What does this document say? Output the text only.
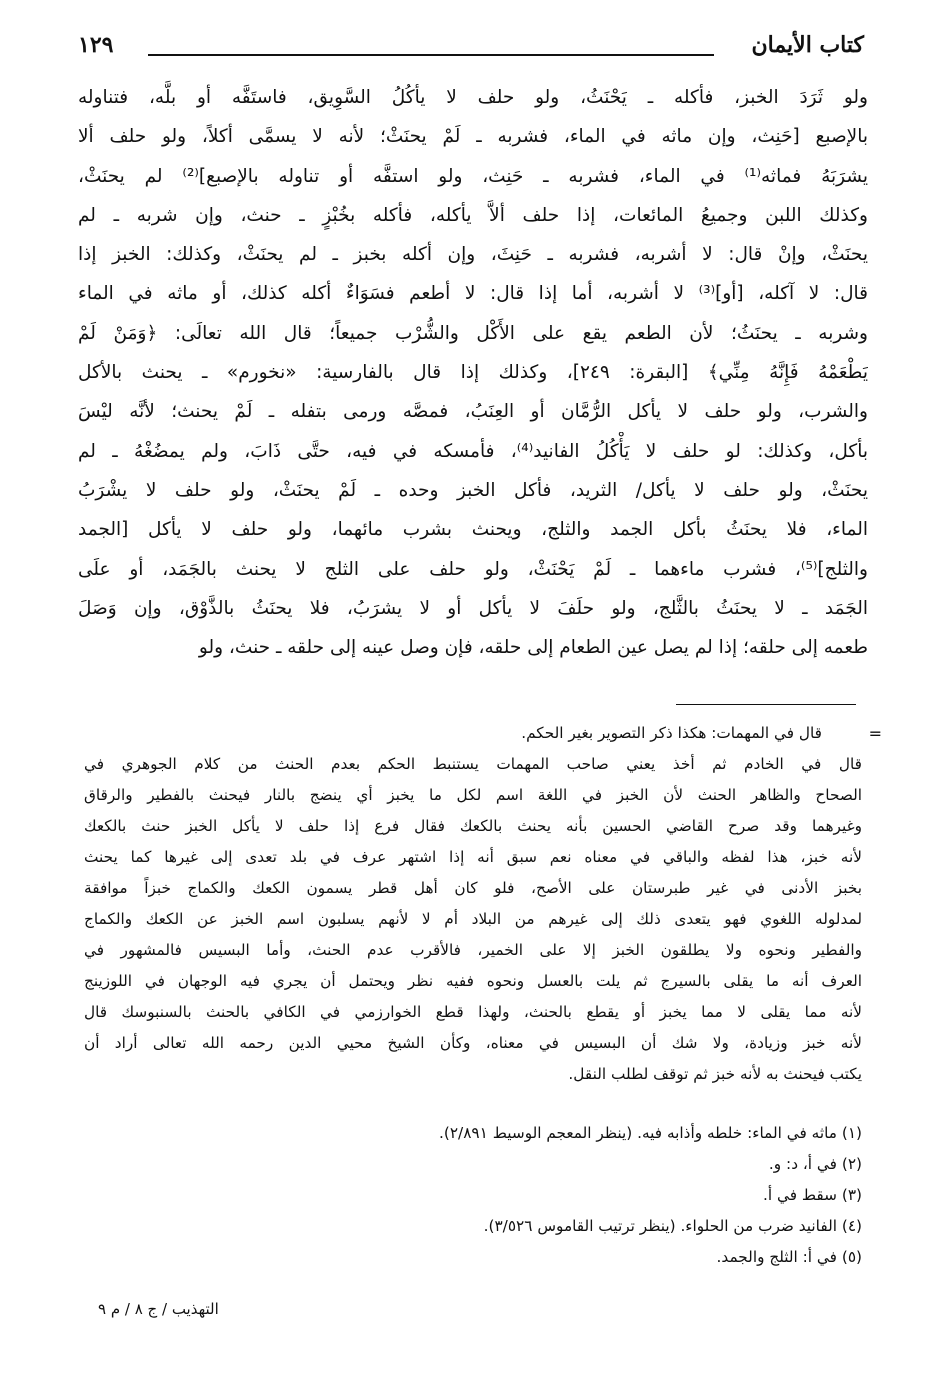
كتاب الأيمان
١٢٩
ولو ثَرَدَ الخبز، فأكله ـ يَحْنَثُ، ولو حلف لا يأكُلُ السَّوِيق، فاستَفَّه أو بلَّه، فتناوله
بالإصبع [حَنِث، وإن ماثه في الماء، فشربه ـ لَمْ يحنَثْ؛ لأنه لا يسمَّى أكلاً، ولو حلف ألا
يشرَبَهُ فماثه⁽¹⁾ في الماء، فشربه ـ حَنِث، ولو استفَّه أو تناوله بالإصبع]⁽²⁾ لم يحنَثْ،
وكذلك اللبن وجميعُ المائعات، إذا حلف ألاَّ يأكله، فأكله بخُبْزٍ ـ حنث، وإن شربه ـ لم
يحنَثْ، وإنْ قال: لا أشربه، فشربه ـ حَنِثَ، وإن أكله بخبز ـ لم يحنَثْ، وكذلك: الخبز إذا
قال: لا آكله، [أو]⁽³⁾ لا أشربه، أما إذا قال: لا أطعم فسَوَاءٌ أكله كذلك، أو ماثه في الماء
وشربه ـ يحنَثُ؛ لأن الطعم يقع على الأَكْل والشُّرْب جميعاً؛ قال الله تعالَى: ﴿وَمَنْ لَمْ
يَطْعَمْهُ فَإِنَّهُ مِنِّي﴾ [البقرة: ٢٤٩]، وكذلك إذا قال بالفارسية: «نخورم» ـ يحنث بالأكل
والشرب، ولو حلف لا يأكل الرُّمَّان أو العِنَبُ، فمصَّه ورمى بتفله ـ لَمْ يحنث؛ لأنَّه ليْسَ
بأكل، وكذلك: لو حلف لا يَأْكُلُ الفانيد⁽⁴⁾، فأمسكه في فيه، حتَّى ذَابَ، ولم يمضُغْهُ ـ لم
يحنَثْ، ولو حلف لا يأكل/ الثريد، فأكل الخبز وحده ـ لَمْ يحنَثْ، ولو حلف لا يشْرَبُ
الماء، فلا يحنَثُ بأكل الجمد والثلج، ويحنث بشرب مائهما، ولو حلف لا يأكل [الجمد
والثلج]⁽⁵⁾، فشرب ماءهما ـ لَمْ يَحْنَثْ، ولو حلف على الثلج لا يحنث بالجَمَد، أو علَى
الجَمَد ـ لا يحنَثُ بالثَّلج، ولو حلَفَ لا يأكل أو لا يشرَبُ، فلا يحنَثُ بالذَّوْق، وإن وَصَلَ
طعمه إلى حلقه؛ إذا لم يصل عين الطعام إلى حلقه، فإن وصل عينه إلى حلقه ـ حنث، ولو
=
قال في المهمات: هكذا ذكر التصوير بغير الحكم.
قال في الخادم ثم أخذ يعني صاحب المهمات يستنبط الحكم بعدم الحنث من كلام الجوهري في
الصحاح والظاهر الحنث لأن الخبز في اللغة اسم لكل ما يخبز أي ينضج بالنار فيحنث بالفطير والرقاق
وغيرهما وقد صرح القاضي الحسين بأنه يحنث بالكعك فقال فرع إذا حلف لا يأكل الخبز حنث بالكعك
لأنه خبز، هذا لفظه والباقي في معناه نعم سبق أنه إذا اشتهر عرف في بلد تعدى إلى غيرها كما يحنث
بخبز الأدنى في غير طبرستان على الأصح، فلو كان أهل قطر يسمون الكعك والكماج خبزاً موافقة
لمدلوله اللغوي فهو يتعدى ذلك إلى غيرهم من البلاد أم لا لأنهم يسلبون اسم الخبز عن الكعك والكماج
والفطير ونحوه ولا يطلقون الخبز إلا على الخمير، فالأقرب عدم الحنث، وأما البسيس فالمشهور في
العرف أنه ما يقلى بالسيرج ثم يلت بالعسل ونحوه ففيه نظر ويحتمل أن يجري فيه الوجهان في اللوزينج
لأنه مما يقلى لا مما يخبز أو يقطع بالحنث، ولهذا قطع الخوارزمي في الكافي بالحنث بالسنبوسك قال
لأنه خبز وزيادة، ولا شك أن البسيس في معناه، وكأن الشيخ محيي الدين رحمه الله تعالى أراد أن
يكتب فيحنث به لأنه خبز ثم توقف لطلب النقل.
(١) ماثه في الماء: خلطه وأذابه فيه. (ينظر المعجم الوسيط ٢/٨٩١).
(٢) في أ، د: و.
(٣) سقط في أ.
(٤) الفانيد ضرب من الحلواء. (ينظر ترتيب القاموس ٣/٥٢٦).
(٥) في أ: الثلج والجمد.
التهذيب / ج ٨ / م ٩
